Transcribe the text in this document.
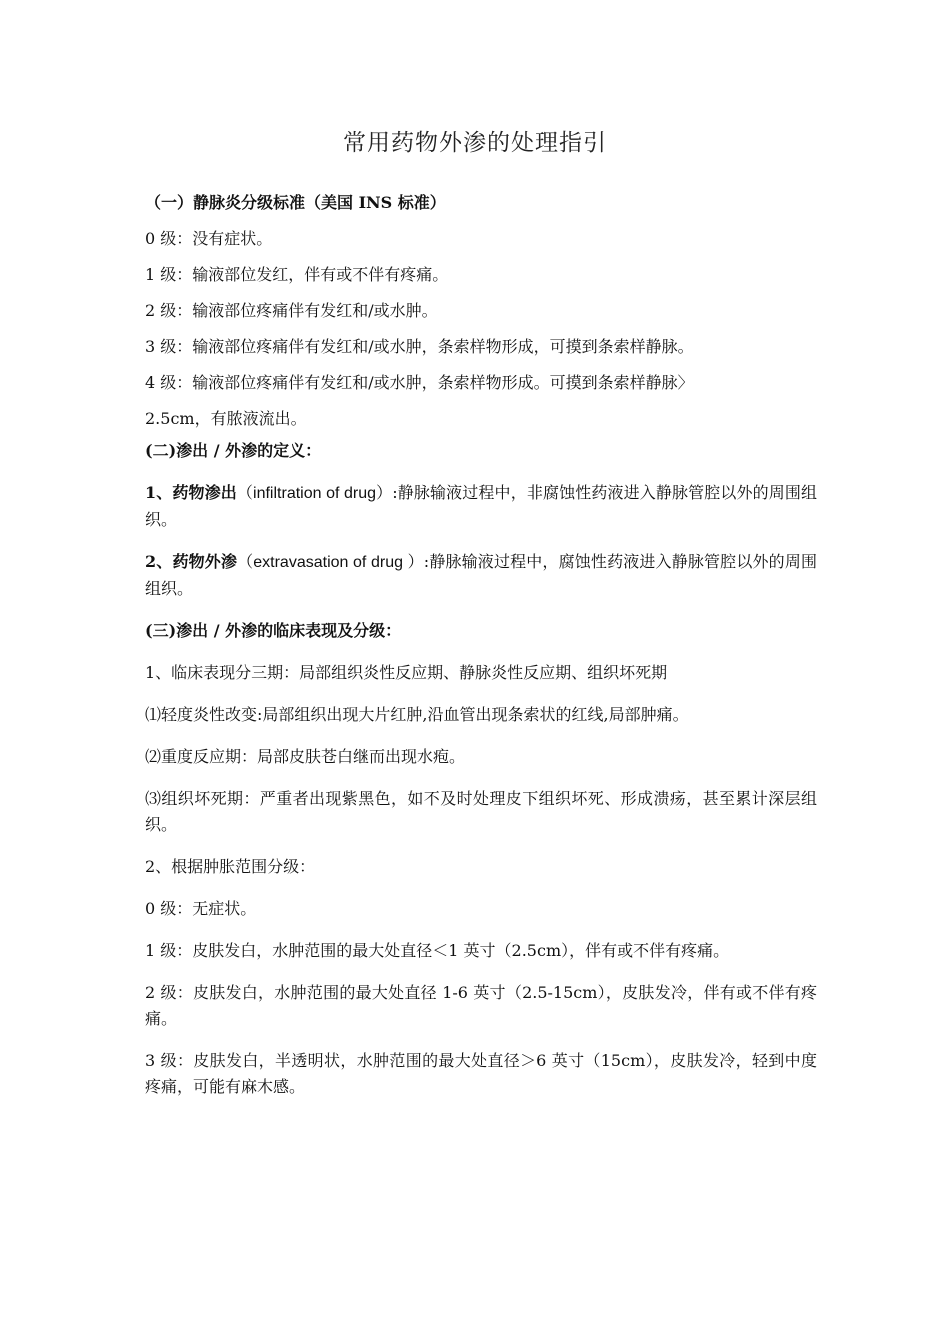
常用药物外渗的处理指引

（一）静脉炎分级标准（美国 INS 标准）

0 级：没有症状。

1 级：输液部位发红，伴有或不伴有疼痛。

2 级：输液部位疼痛伴有发红和/或水肿。

3 级：输液部位疼痛伴有发红和/或水肿，条索样物形成，可摸到条索样静脉。

4 级：输液部位疼痛伴有发红和/或水肿，条索样物形成。可摸到条索样静脉〉

2.5cm，有脓液流出。

(二)渗出 / 外渗的定义：

1、药物渗出（infiltration of drug）:静脉输液过程中，非腐蚀性药液进入静脉管腔以外的周围组织。

2、药物外渗（extravasation of drug ）:静脉输液过程中，腐蚀性药液进入静脉管腔以外的周围组织。

(三)渗出 / 外渗的临床表现及分级：

1、临床表现分三期：局部组织炎性反应期、静脉炎性反应期、组织坏死期

⑴轻度炎性改变:局部组织出现大片红肿,沿血管出现条索状的红线,局部肿痛。

⑵重度反应期：局部皮肤苍白继而出现水疱。

⑶组织坏死期：严重者出现紫黑色，如不及时处理皮下组织坏死、形成溃疡，甚至累计深层组织。

2、根据肿胀范围分级：

0 级：无症状。

1 级：皮肤发白，水肿范围的最大处直径＜1 英寸（2.5cm），伴有或不伴有疼痛。

2 级：皮肤发白，水肿范围的最大处直径 1-6 英寸（2.5-15cm），皮肤发冷，伴有或不伴有疼痛。

3 级：皮肤发白，半透明状，水肿范围的最大处直径＞6 英寸（15cm），皮肤发冷，轻到中度疼痛，可能有麻木感。
